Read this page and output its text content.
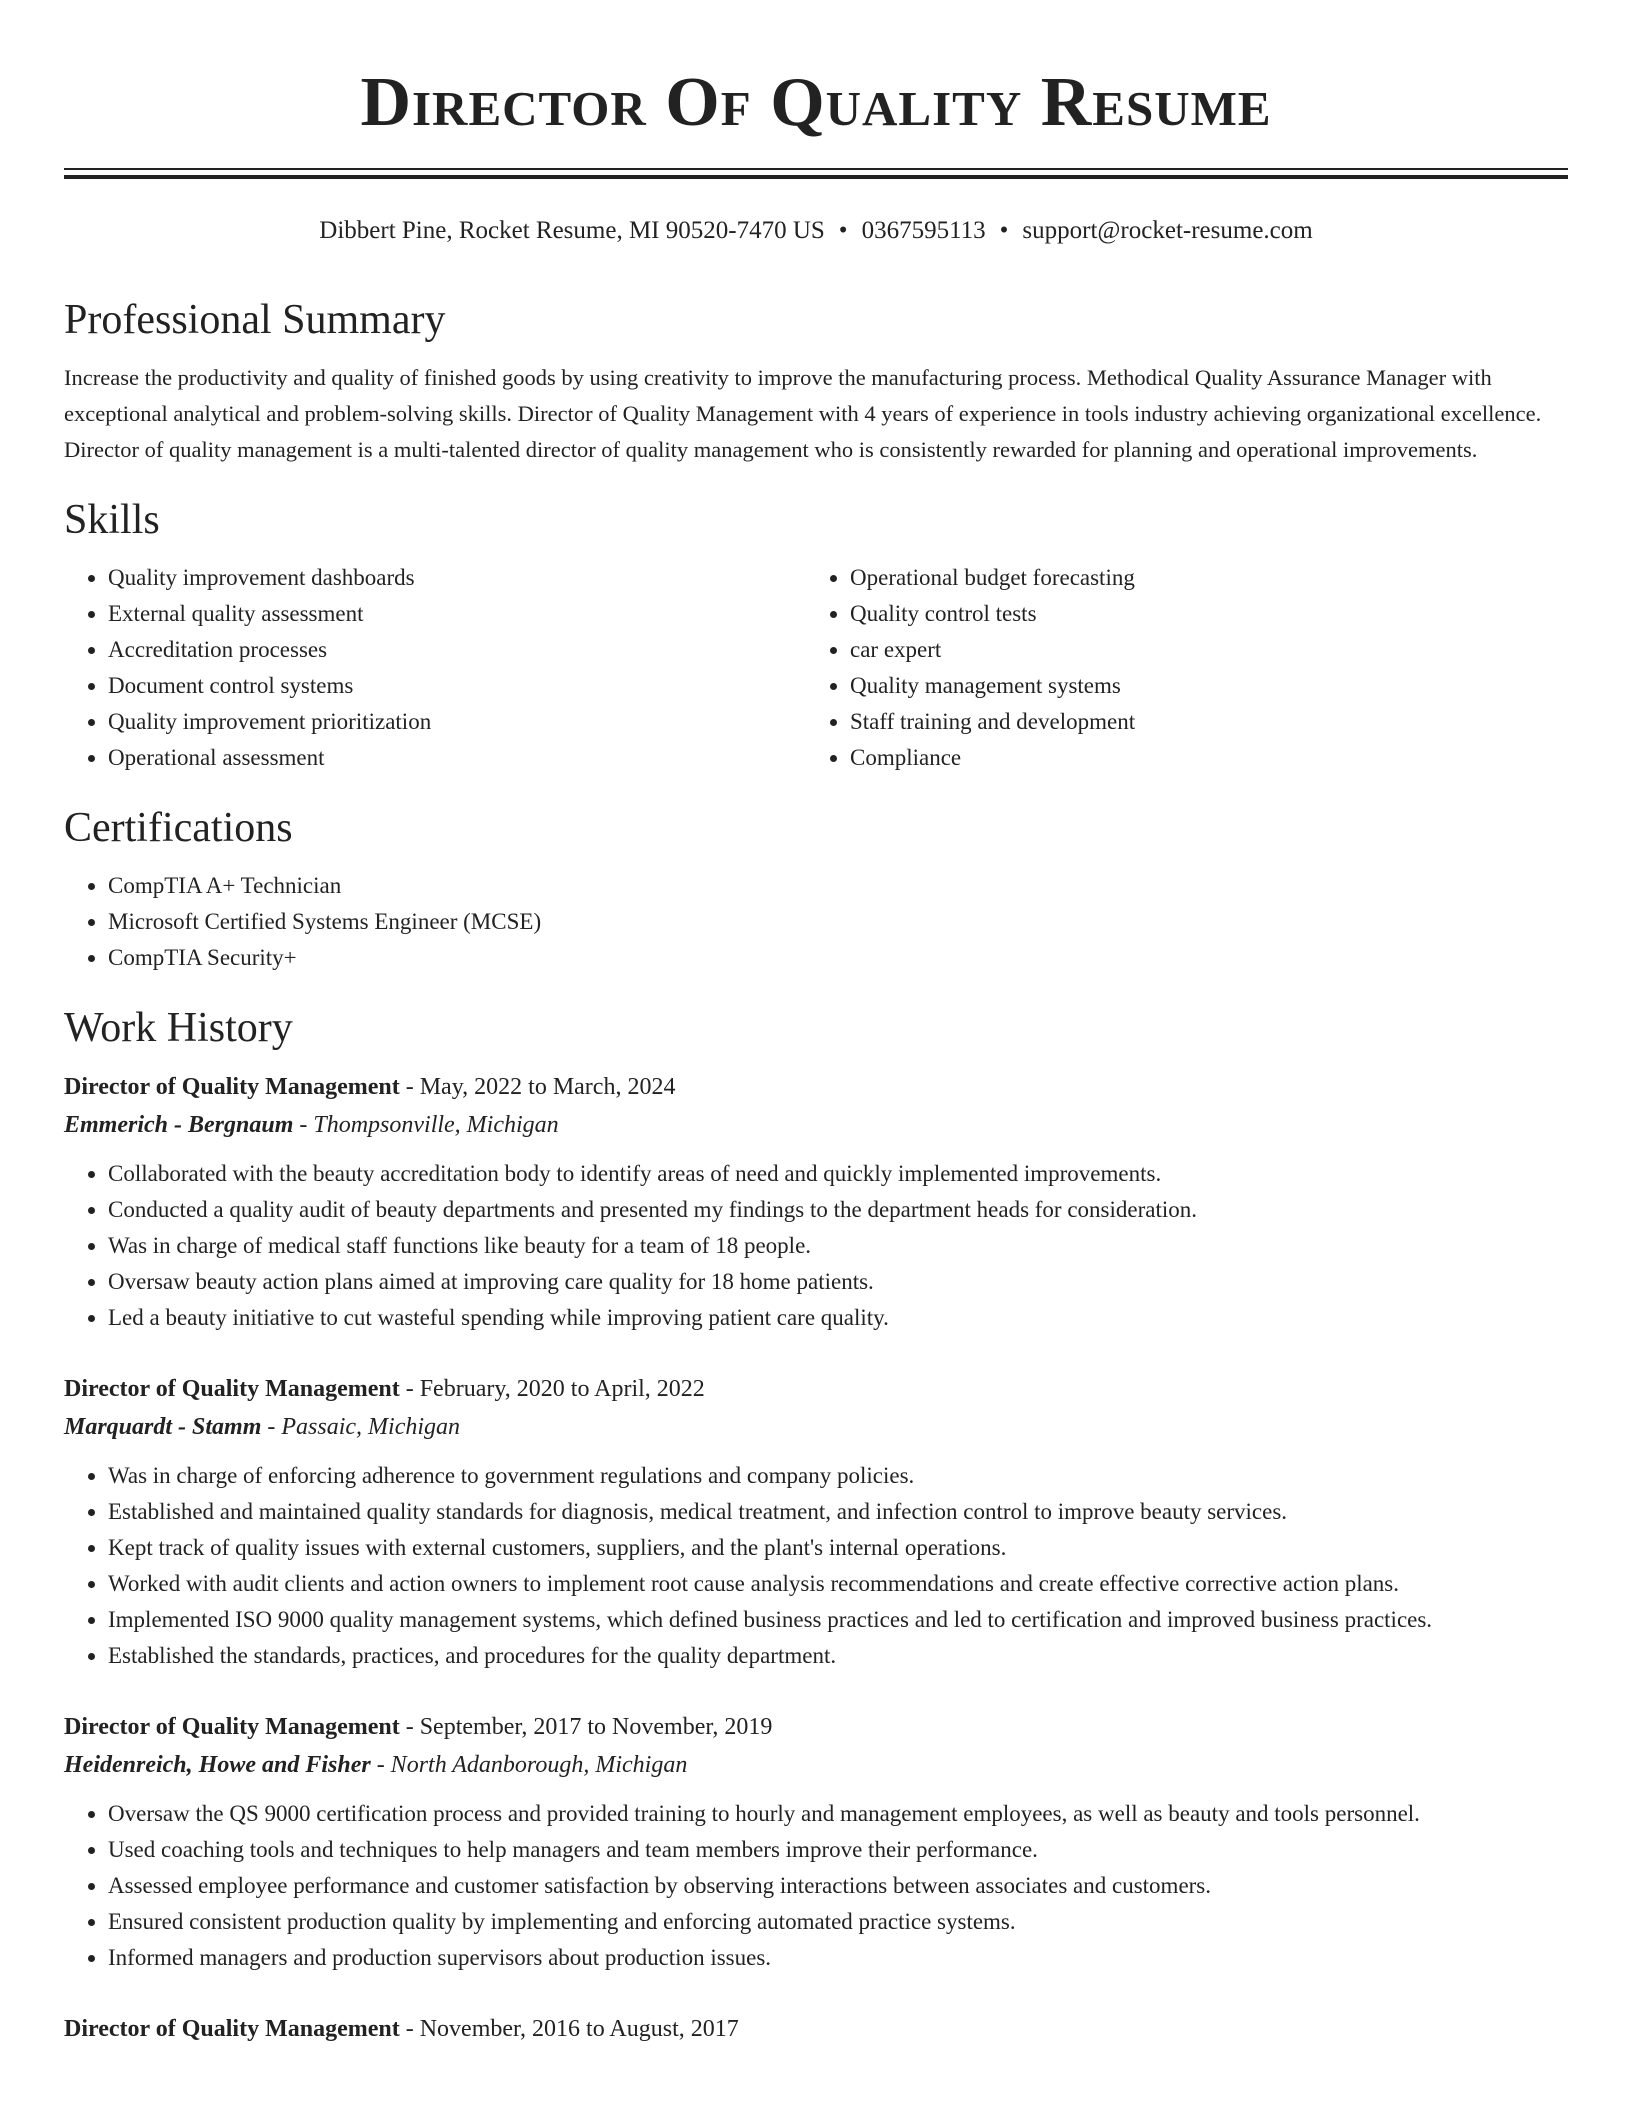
Director Of Quality Resume
Dibbert Pine, Rocket Resume, MI 90520-7470 US • 0367595113 • support@rocket-resume.com
Professional Summary

Increase the productivity and quality of finished goods by using creativity to improve the manufacturing process. Methodical Quality Assurance Manager with exceptional analytical and problem-solving skills. Director of Quality Management with 4 years of experience in tools industry achieving organizational excellence. Director of quality management is a multi-talented director of quality management who is consistently rewarded for planning and operational improvements.

Skills
• Quality improvement dashboards
• External quality assessment
• Accreditation processes
• Document control systems
• Quality improvement prioritization
• Operational assessment
• Operational budget forecasting
• Quality control tests
• car expert
• Quality management systems
• Staff training and development
• Compliance
Certifications
• CompTIA A+ Technician
• Microsoft Certified Systems Engineer (MCSE)
• CompTIA Security+
Work History
Director of Quality Management - May, 2022 to March, 2024
Emmerich - Bergnaum - Thompsonville, Michigan
• Collaborated with the beauty accreditation body to identify areas of need and quickly implemented improvements.
• Conducted a quality audit of beauty departments and presented my findings to the department heads for consideration.
• Was in charge of medical staff functions like beauty for a team of 18 people.
• Oversaw beauty action plans aimed at improving care quality for 18 home patients.
• Led a beauty initiative to cut wasteful spending while improving patient care quality.
Director of Quality Management - February, 2020 to April, 2022
Marquardt - Stamm - Passaic, Michigan
• Was in charge of enforcing adherence to government regulations and company policies.
• Established and maintained quality standards for diagnosis, medical treatment, and infection control to improve beauty services.
• Kept track of quality issues with external customers, suppliers, and the plant's internal operations.
• Worked with audit clients and action owners to implement root cause analysis recommendations and create effective corrective action plans.
• Implemented ISO 9000 quality management systems, which defined business practices and led to certification and improved business practices.
• Established the standards, practices, and procedures for the quality department.
Director of Quality Management - September, 2017 to November, 2019
Heidenreich, Howe and Fisher - North Adanborough, Michigan
• Oversaw the QS 9000 certification process and provided training to hourly and management employees, as well as beauty and tools personnel.
• Used coaching tools and techniques to help managers and team members improve their performance.
• Assessed employee performance and customer satisfaction by observing interactions between associates and customers.
• Ensured consistent production quality by implementing and enforcing automated practice systems.
• Informed managers and production supervisors about production issues.
Director of Quality Management - November, 2016 to August, 2017
